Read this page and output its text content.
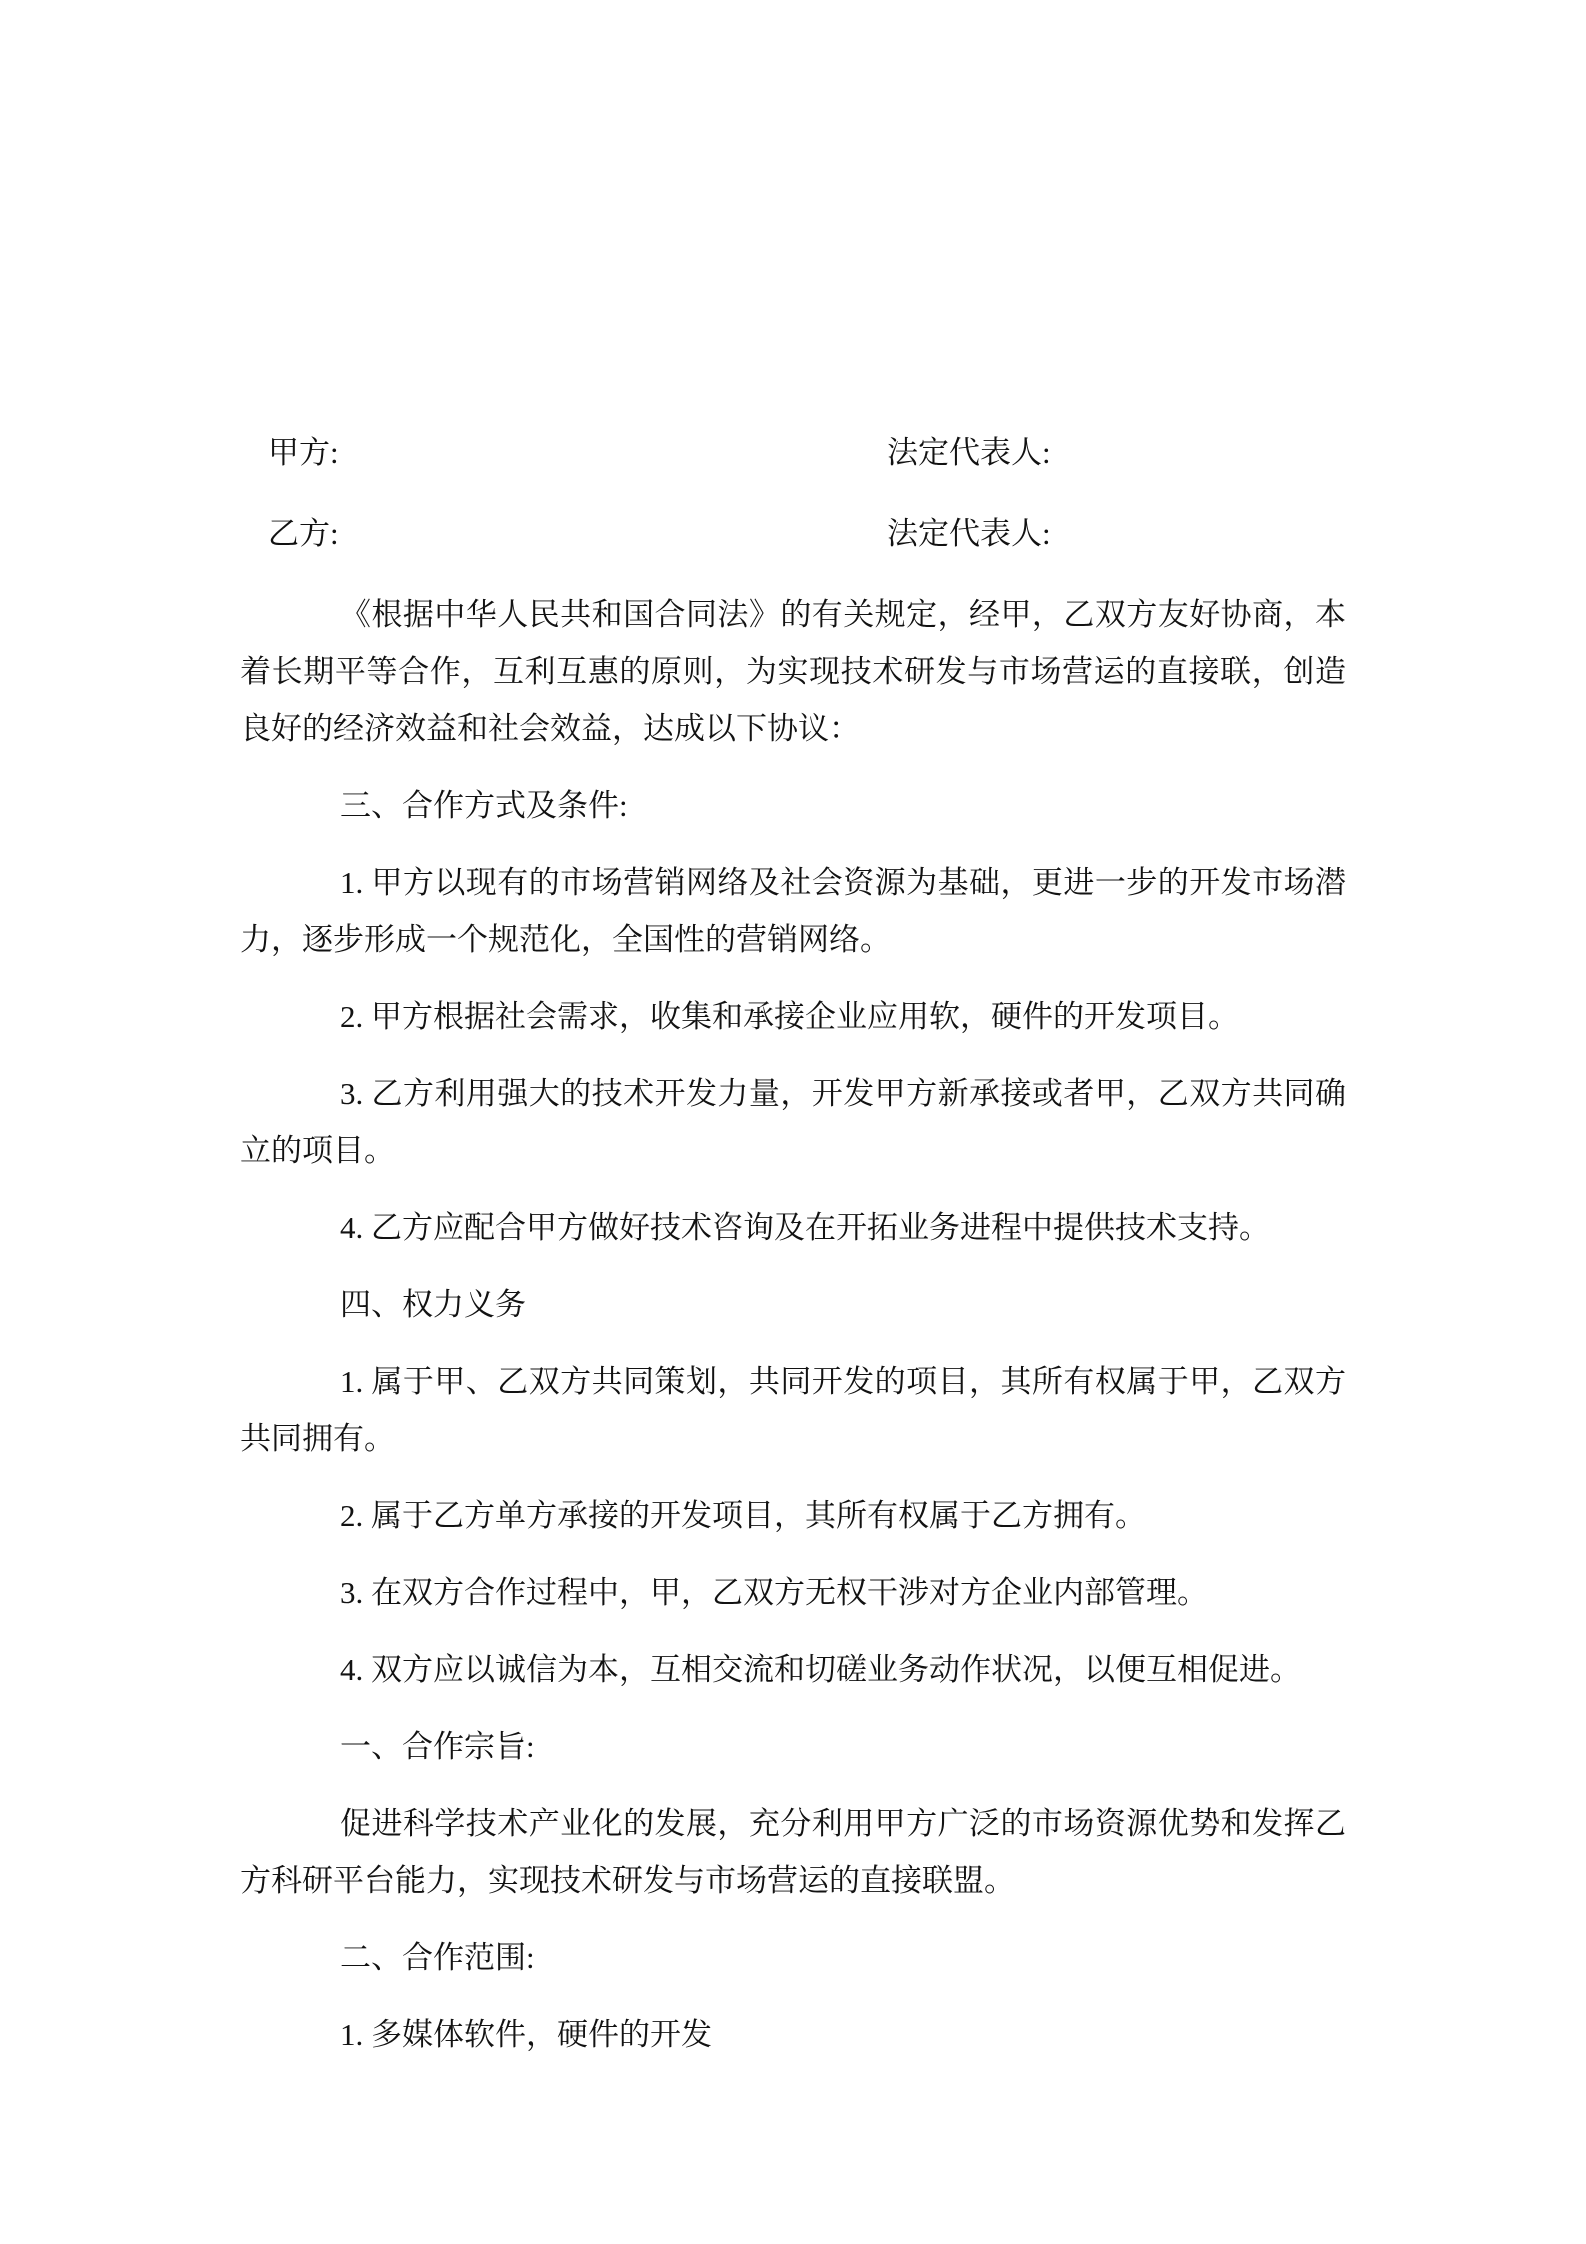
甲方:	法定代表人:
乙方:	法定代表人:

《根据中华人民共和国合同法》的有关规定，经甲，乙双方友好协商，本着长期平等合作，互利互惠的原则，为实现技术研发与市场营运的直接联，创造良好的经济效益和社会效益，达成以下协议：

三、合作方式及条件:

1. 甲方以现有的市场营销网络及社会资源为基础，更进一步的开发市场潜力，逐步形成一个规范化，全国性的营销网络。

2. 甲方根据社会需求，收集和承接企业应用软，硬件的开发项目。

3. 乙方利用强大的技术开发力量，开发甲方新承接或者甲，乙双方共同确立的项目。

4. 乙方应配合甲方做好技术咨询及在开拓业务进程中提供技术支持。

四、权力义务

1. 属于甲、乙双方共同策划，共同开发的项目，其所有权属于甲，乙双方共同拥有。

2. 属于乙方单方承接的开发项目，其所有权属于乙方拥有。

3. 在双方合作过程中，甲，乙双方无权干涉对方企业内部管理。

4. 双方应以诚信为本，互相交流和切磋业务动作状况，以便互相促进。

一、合作宗旨:

促进科学技术产业化的发展，充分利用甲方广泛的市场资源优势和发挥乙方科研平台能力，实现技术研发与市场营运的直接联盟。

二、合作范围:

1. 多媒体软件，硬件的开发
